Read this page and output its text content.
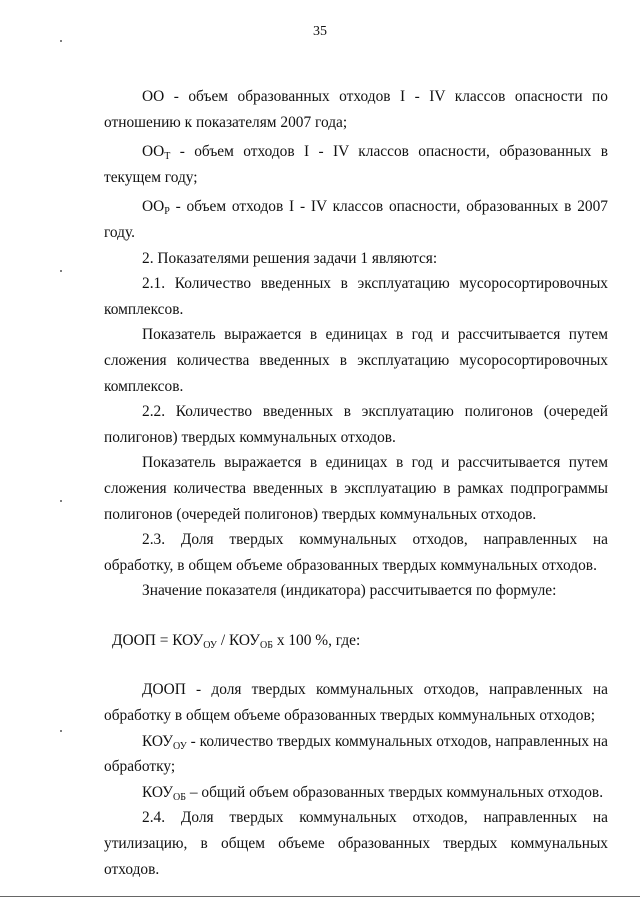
35

ОО - объем образованных отходов I - IV классов опасности по отношению к показателям 2007 года;

$ОО_Т$ - объем отходов I - IV классов опасности, образованных в текущем году;

$ОО_Р$ - объем отходов I - IV классов опасности, образованных в 2007 году.

2. Показателями решения задачи 1 являются:

2.1. Количество введенных в эксплуатацию мусоросортировочных комплексов.

Показатель выражается в единицах в год и рассчитывается путем сложения количества введенных в эксплуатацию мусоросортировочных комплексов.

2.2. Количество введенных в эксплуатацию полигонов (очередей полигонов) твердых коммунальных отходов.

Показатель выражается в единицах в год и рассчитывается путем сложения количества введенных в эксплуатацию в рамках подпрограммы полигонов (очередей полигонов) твердых коммунальных отходов.

2.3. Доля твердых коммунальных отходов, направленных на обработку, в общем объеме образованных твердых коммунальных отходов.

Значение показателя (индикатора) рассчитывается по формуле:

ДООП = $КОУ_{ОУ} / КОУ_{ОБ}$ х 100 %, где:

ДООП - доля твердых коммунальных отходов, направленных на обработку в общем объеме образованных твердых коммунальных отходов;

$КОУ_{ОУ}$ - количество твердых коммунальных отходов, направленных на обработку;

$КОУ_{ОБ}$ – общий объем образованных твердых коммунальных отходов.

2.4. Доля твердых коммунальных отходов, направленных на утилизацию, в общем объеме образованных твердых коммунальных отходов.
